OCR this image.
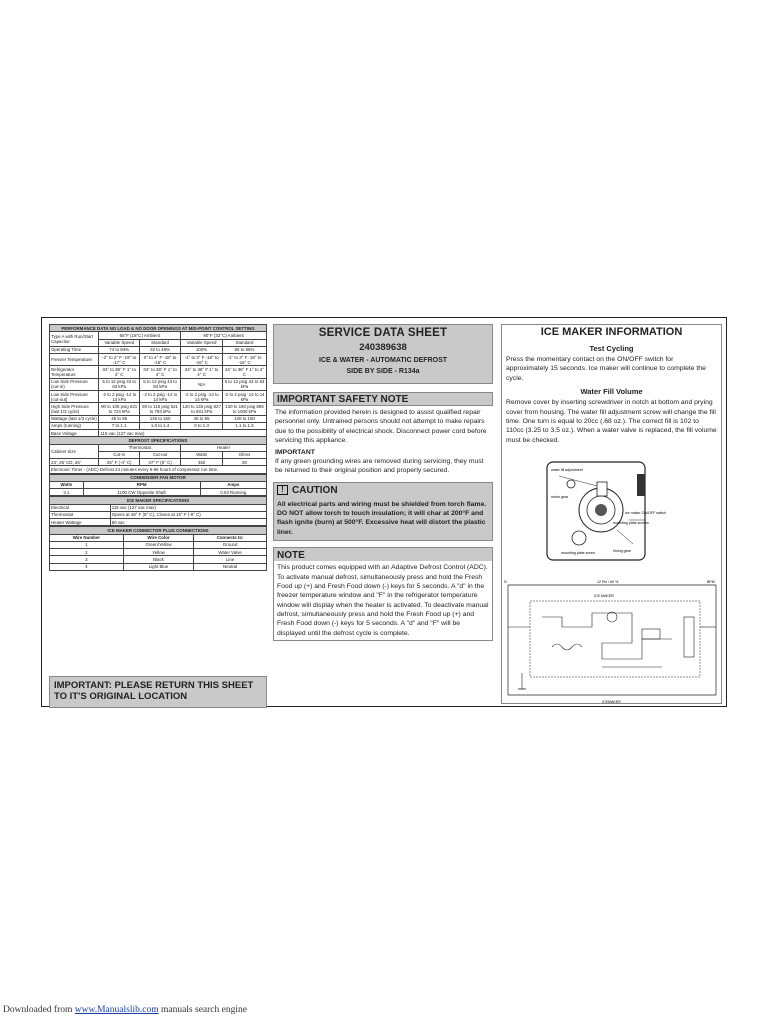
PERFORMANCE DATA NO LOAD & NO DOOR OPENINGS AT MID-POINT CONTROL SETTING				
Type A with Run/Start Capacitor	65°F (18°C) Ambient		90°F (32°C) Ambient	
	Variable Speed	Standard	Variable Speed	Standard
Operating Time	74 to 84%	32 to 49%	100%	55 to 65%
Freezer Temperature	-2° to 2° F -19° to -17° C	0° to 4° F -18° to -16° C	-1° to 3° F -18° to -16° C	-1° to 3° F -18° to -16° C
Refrigerator Temperature	34° to 38° F 1° to 4° C	34° to 38° F 1° to 4° C	34° to 38° F 1° to 4° C	34° to 38° F 1° to 4° C
Low Side Pressure (cut-in)	5 to 12 psig 43 to 83 kPa	5 to 12 psig 43 to 83 kPa	N/A	5 to 12 psig 43 to 83 kPa
Low Side Pressure (cut-out)	-2 to 2 psig -14 to 14 kPa	-2 to 2 psig -14 to 14 kPa	-2 to 2 psig -14 to 14 kPa	-2 to 2 psig -14 to 14 kPa
High Side Pressure (last 1/3 cycle)	90 to 105 psig 621 to 724 kPa	90 to 115 psig 621 to 793 kPa	120 to 135 psig 827 to 931 kPa	130 to 150 psig 896 to 1000 kPa
Wattage (last 1/3 cycle)	45 to 65	135 to 150	45 to 65	130 to 150
Amps (running)	7 to 1.1	1.0 to 1.4	0 to 1.3	1.1 to 1.5
Base Voltage	115 vac (127 vac max)			
DEFROST SPECIFICATIONS				
Cabinet Size	Thermostat		Heater	
	Cut-in	Cut-out	Watts	Ohms
23', 25' CD, 26'	25° F (-4° C)	47° F (8° C)	450	30
Electronic Timer - (ADC) Defrost 24 minutes every 6-96 hours of compressor run time.				
CONDENSER FAN MOTOR		
Watts	RPM	Amps
3.1	1100 CW Opposite Shaft	0.03 Running
ICE MAKER SPECIFICATIONS	
Electrical	115 vac (127 vac max)
Thermostat	Opens at 48° F (9° C), Closes at 15° F (-9° C)
Heater Wattage	80 vac
ICE MAKER CONNECTOR PLUG CONNECTIONS		
Wire Number	Wire Color	Connects to:
1	Green/Yellow	Ground
2	Yellow	Water Valve
3	Black	Line
4	Light Blue	Neutral
IMPORTANT: PLEASE RETURN THIS SHEET TO IT'S ORIGINAL LOCATION
SERVICE DATA SHEET
240389638
ICE & WATER - AUTOMATIC DEFROST
SIDE BY SIDE - R134a
IMPORTANT SAFETY NOTE
The information provided herein is designed to assist qualified repair personnel only. Untrained persons should not attempt to make repairs due to the possibility of electrical shock. Disconnect power cord before servicing this appliance.
IMPORTANT
If any green grounding wires are removed during servicing, they must be returned to their original position and properly secured.
! CAUTION
All electrical parts and wiring must be shielded from torch flame. DO NOT allow torch to touch insulation; it will char at 200°F and flash ignite (burn) at 500°F. Excessive heat will distort the plastic liner.
NOTE
This product comes equipped with an Adaptive Defrost Control (ADC). To activate manual defrost, simultaneously press and hold the Fresh Food up (+) and Fresh Food down (-) keys for 5 seconds. A "d" in the freezer temperature window and "F" in the refrigerator temperature window will display when the heater is activated. To deactivate manual defrost, simultaneously press and hold the Fresh Food up (+) and Fresh Food down (-) keys for 5 seconds. A "d" and "F" will be displayed until the defrost cycle is complete.
ICE MAKER INFORMATION
Test Cycling
Press the momentary contact on the ON/OFF switch for approximately 15 seconds. Ice maker will continue to complete the cycle.
Water Fill Volume
Remove cover by inserting screwdriver in notch at bottom and prying cover from housing. The water fill adjustment screw will change the fill time. One turn is equal to 20cc (.68 oz.). The correct fill is 102 to 110cc (3.25 to 3.5 oz.). When a water valve is replaced, the fill volume must be checked.
water fill adjustment
motor gear
mounting plate screws
ice maker ON/OFF switch
mounting plate screw	timing gear
N	BPM
12 Pin / 60 %
ICE MAKER
ICEMAKER
Downloaded from www.Manualslib.com manuals search engine
